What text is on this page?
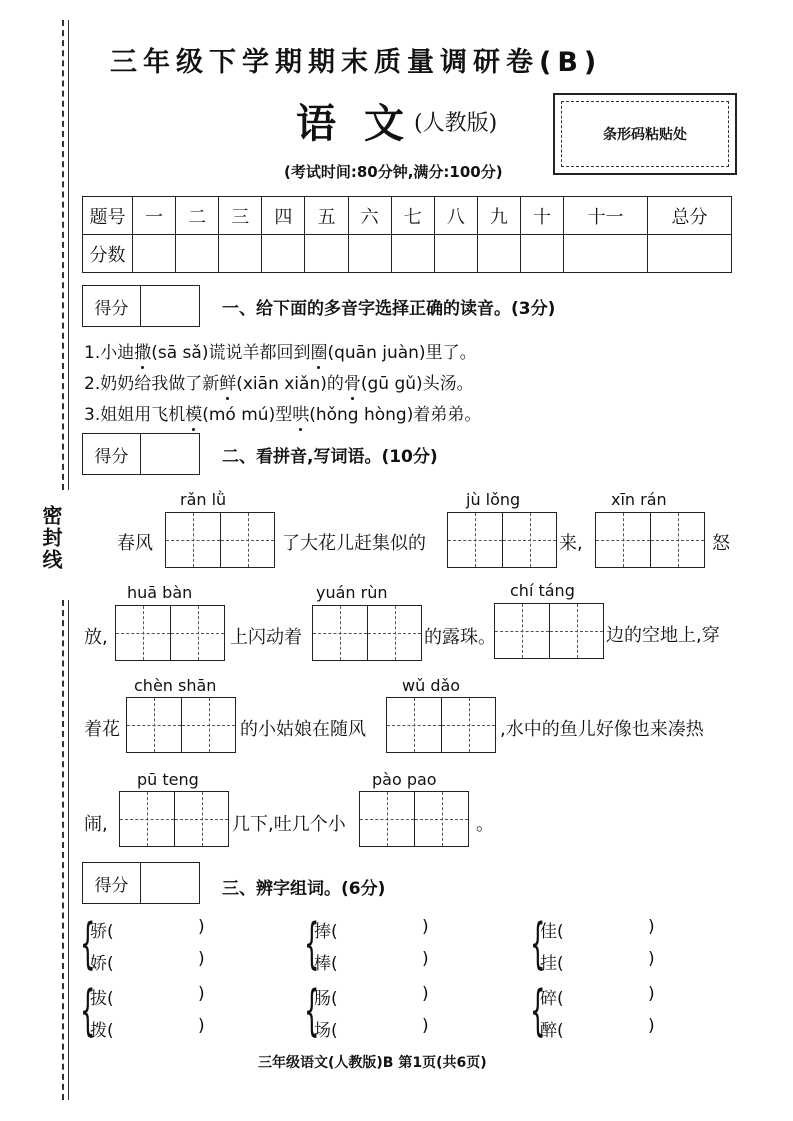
密封线
三年级下学期期末质量调研卷(B)
语文
(人教版)	条形码粘贴处
(考试时间:80分钟,满分:100分)
题号	一	二	三	四	五	六	七	八	九	十	十一	总分
分数												
得分	一、给下面的多音字选择正确的读音。(3分)
1.小迪撒(sā sǎ)谎说羊都回到圈(quān juàn)里了。
2.奶奶给我做了新鲜(xiān xiǎn)的骨(gū gǔ)头汤。
3.姐姐用飞机模(mó mú)型哄(hǒng hòng)着弟弟。
得分	二、看拼音,写词语。(10分)
rǎn lǜ	jù lǒng	xīn rán
春风	了大花儿赶集似的	来,	怒
huā bàn	yuán rùn	chí táng
放,	上闪动着	的露珠。	边的空地上,穿
chèn shān	wǔ dǎo
着花	的小姑娘在随风	,水中的鱼儿好像也来凑热
pū teng	pào pao
闹,	几下,吐几个小	。
得分	三、辨字组词。(6分)
{
骄(	)
娇(	) {
捧(	)
棒(	) {
佳(	)
挂(	)
{
拔(	)
拨(	) {
肠(	)
场(	) {
碎(	)
醉(	)
三年级语文(人教版)B 第1页(共6页)
